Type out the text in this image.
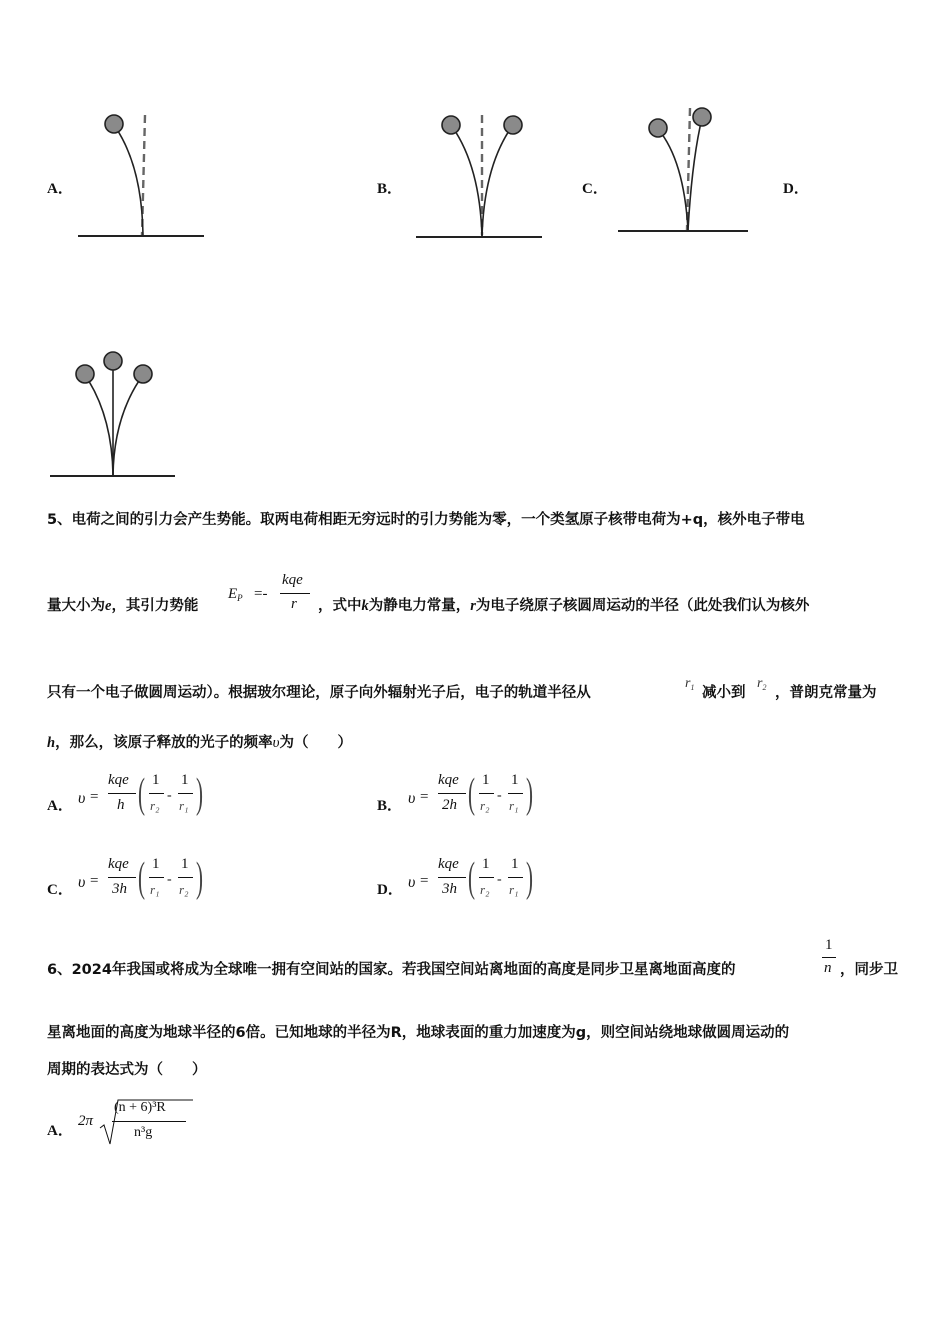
A．	B．	C．	D．
5、电荷之间的引力会产生势能。取两电荷相距无穷远时的引力势能为零，一个类氢原子核带电荷为+q，核外电子带电
量大小为e，其引力势能
$E_P$ =-
kqe
r ，式中k为静电力常量，r为电子绕原子核圆周运动的半径（此处我们认为核外
只有一个电子做圆周运动）。根据玻尔理论，原子向外辐射光子后，电子的轨道半径从
$r_1$ 减小到
$r_2$ ，普朗克常量为
h，那么，该原子释放的光子的频率υ为（　　）
A． υ =
kqe
h ( 1
r₂
-
1
r₁ )	B． υ =
kqe
2h ( 1
r₂
-
1
r₁ )
C． υ =
kqe
3h ( 1
r₁
-
1
r₂ )	D． υ =
kqe
3h ( 1
r₂
-
1
r₁ )
6、2024年我国或将成为全球唯一拥有空间站的国家。若我国空间站离地面的高度是同步卫星离地面高度的
1
n ，同步卫
星离地面的高度为地球半径的6倍。已知地球的半径为R，地球表面的重力加速度为g，则空间站绕地球做圆周运动的
周期的表达式为（　　）
A．
2π
(n + 6)³R
n³g
